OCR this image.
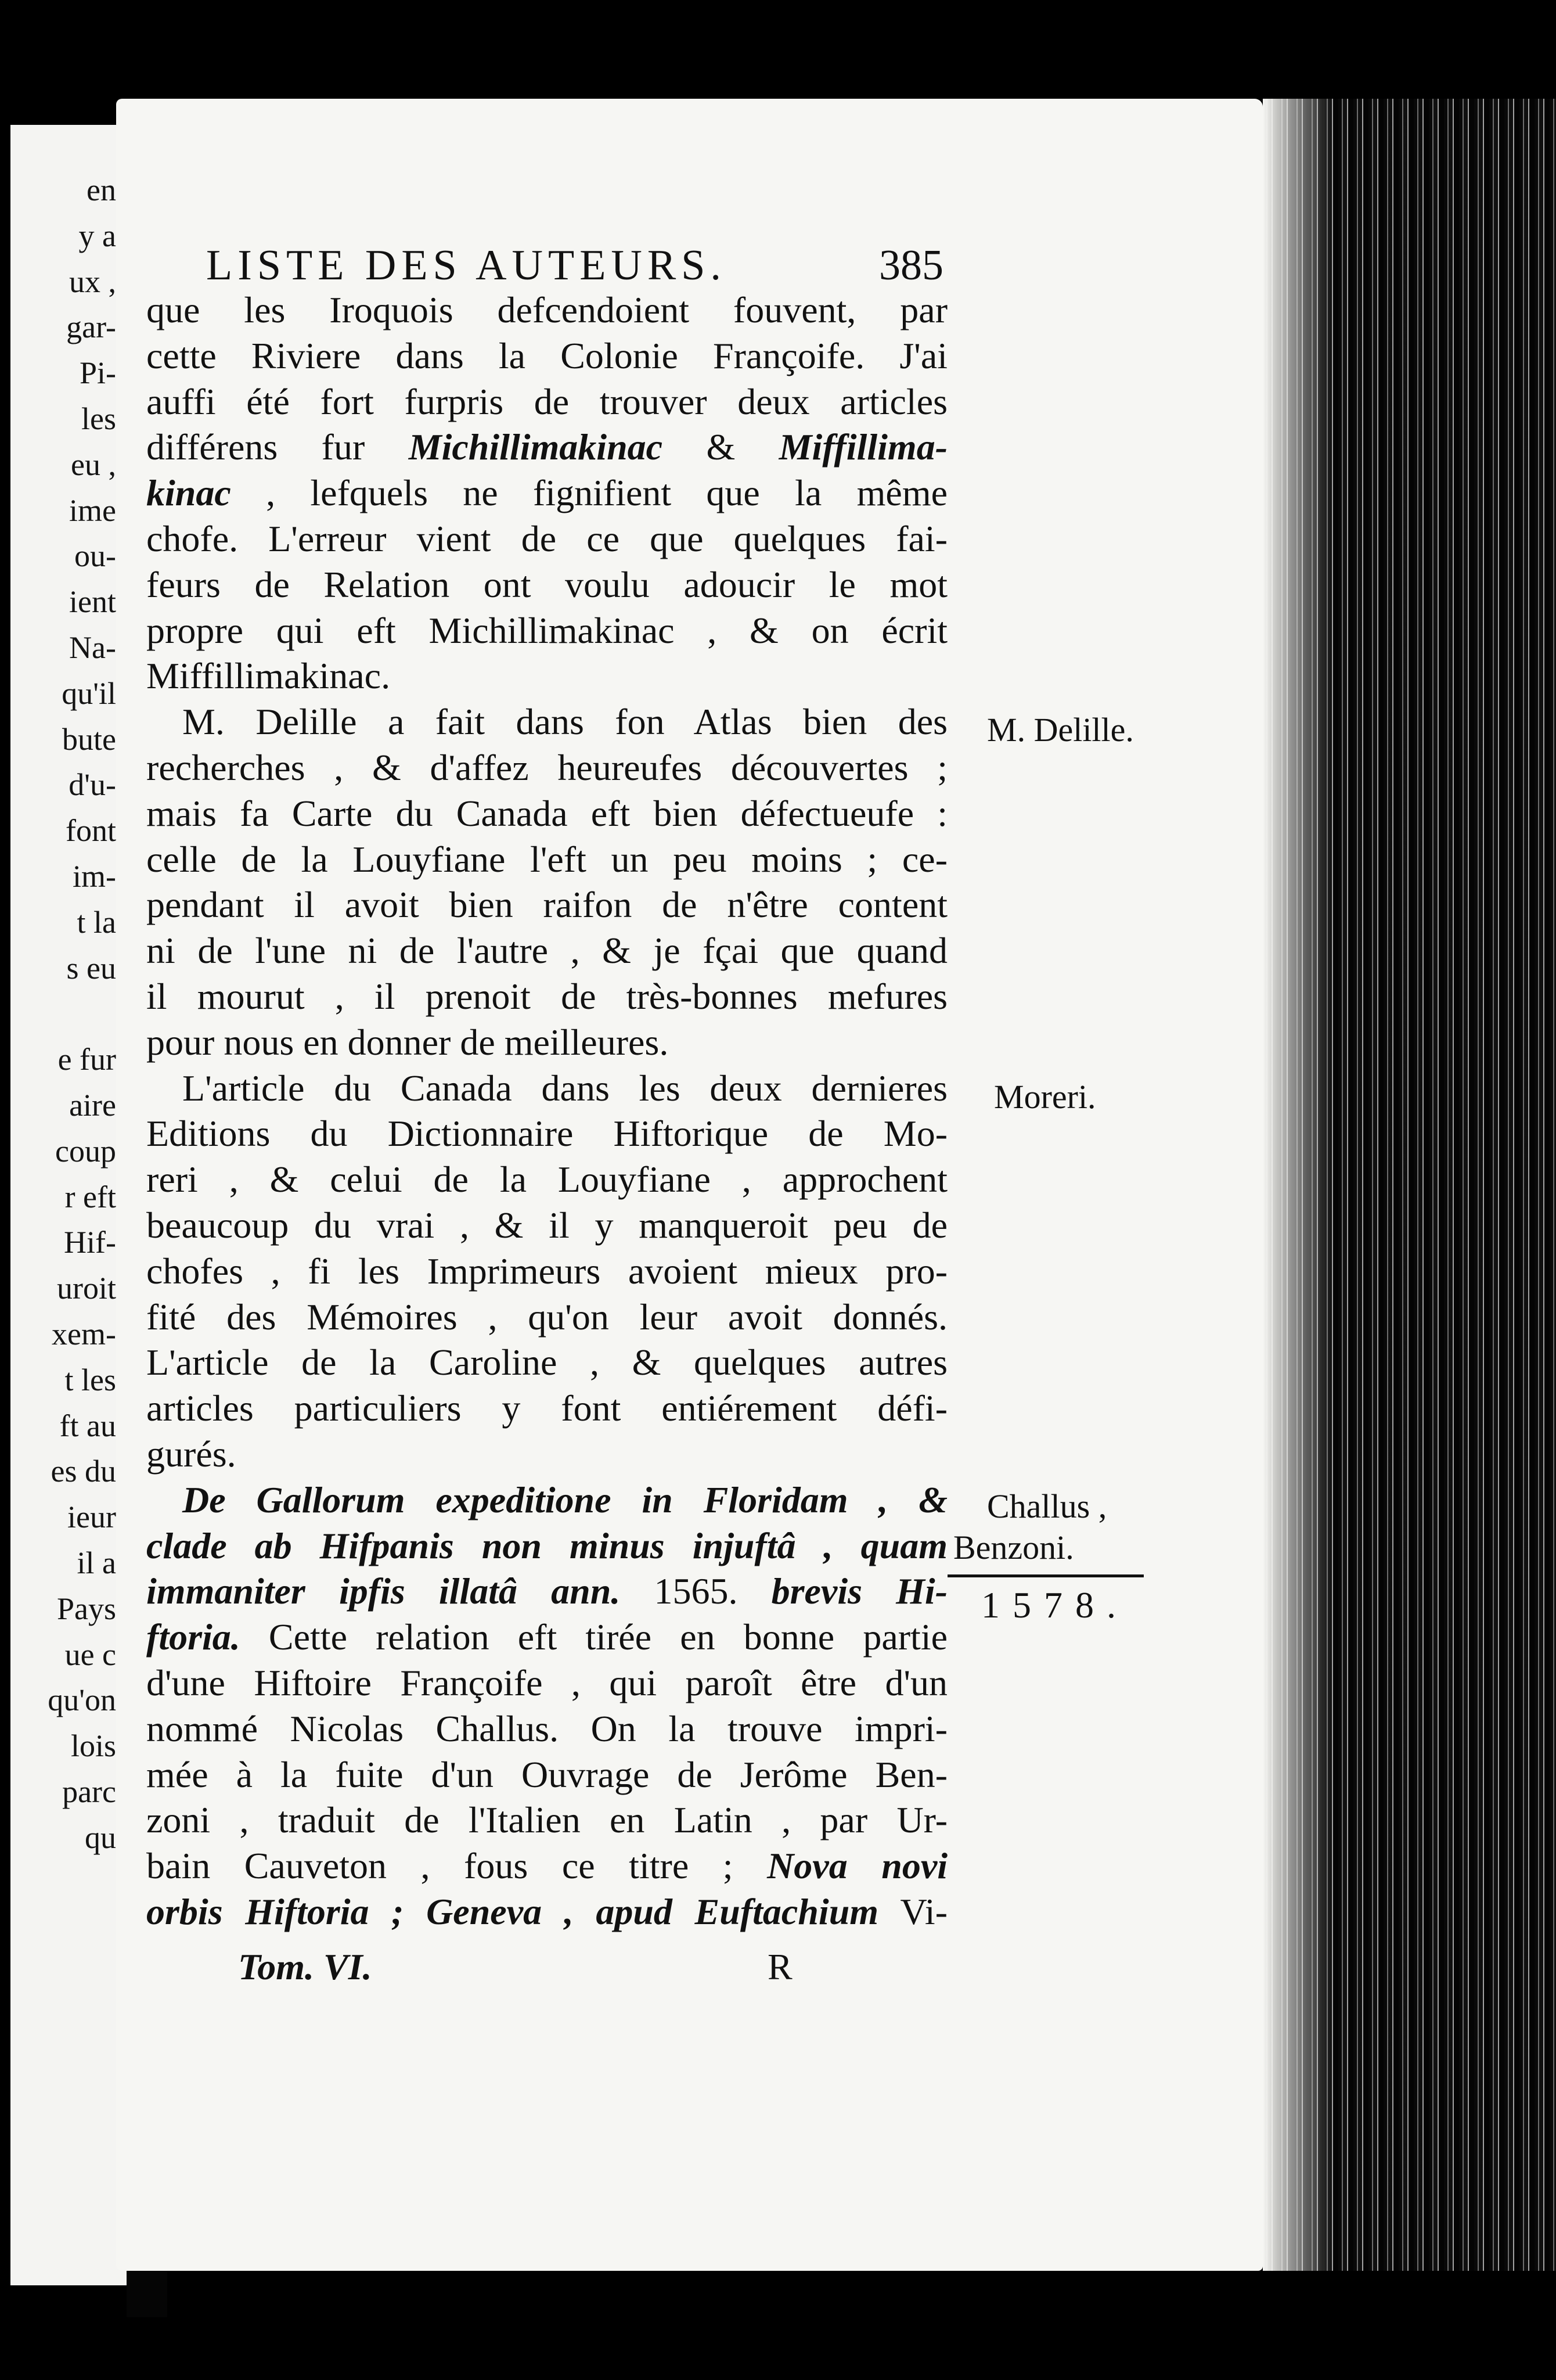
en
y a
ux ,
gar-
Pi-
les
eu ,
ime
ou-
ient
Na-
qu'il
bute
d'u-
font
im-
t la
s eu
e fur
aire
coup
r eft
Hif-
uroit
xem-
t les
ft au
es du
ieur
il a
Pays
ue c
qu'on
lois
parc
qu
LISTE DES AUTEURS.	385
que les Iroquois defcendoient fouvent, par
cette Riviere dans la Colonie Françoife. J'ai
auffi été fort furpris de trouver deux articles
différens fur Michillimakinac & Miffillima-
kinac , lefquels ne fignifient que la même
chofe. L'erreur vient de ce que quelques fai-
feurs de Relation ont voulu adoucir le mot
propre qui eft Michillimakinac , & on écrit
Miffillimakinac.
M. Delille a fait dans fon Atlas bien des
recherches , & d'affez heureufes découvertes ;
mais fa Carte du Canada eft bien défectueufe :
celle de la Louyfiane l'eft un peu moins ; ce-
pendant il avoit bien raifon de n'être content
ni de l'une ni de l'autre , & je fçai que quand
il mourut , il prenoit de très-bonnes mefures
pour nous en donner de meilleures.
L'article du Canada dans les deux dernieres
Editions du Dictionnaire Hiftorique de Mo-
reri , & celui de la Louyfiane , approchent
beaucoup du vrai , & il y manqueroit peu de
chofes , fi les Imprimeurs avoient mieux pro-
fité des Mémoires , qu'on leur avoit donnés.
L'article de la Caroline , & quelques autres
articles particuliers y font entiérement défi-
gurés.
De Gallorum expeditione in Floridam , &
clade ab Hifpanis non minus injuftâ , quam
immaniter ipfis illatâ ann. 1565. brevis Hi-
ftoria. Cette relation eft tirée en bonne partie
d'une Hiftoire Françoife , qui paroît être d'un
nommé Nicolas Challus. On la trouve impri-
mée à la fuite d'un Ouvrage de Jerôme Ben-
zoni , traduit de l'Italien en Latin , par Ur-
bain Cauveton , fous ce titre ; Nova novi
orbis Hiftoria ; Geneva , apud Euftachium Vi-
M. Delille.
Moreri.
Challus ,
Benzoni.
1578.
Tom. VI.	R
